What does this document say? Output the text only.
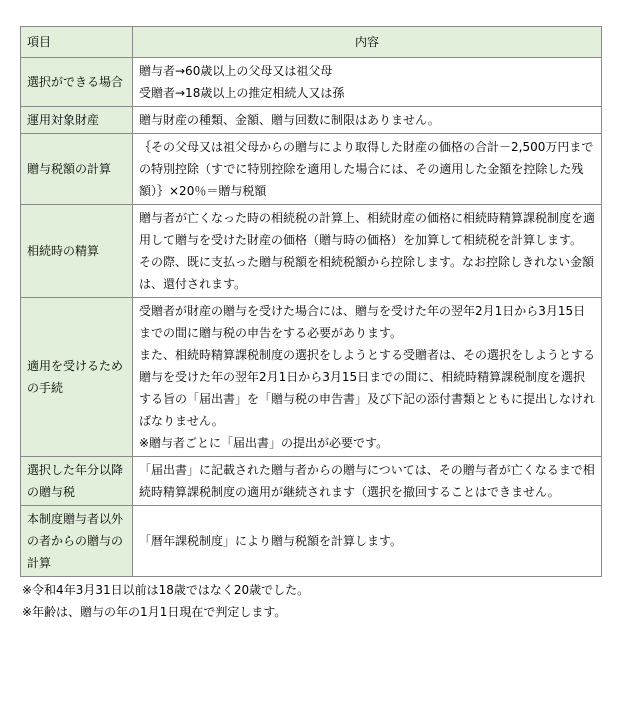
項目	内容
選択ができる場合	贈与者→60歳以上の父母又は祖父母
受贈者→18歳以上の推定相続人又は孫

運用対象財産	贈与財産の種類、金額、贈与回数に制限はありません。

贈与税額の計算	｛その父母又は祖父母からの贈与により取得した財産の価格の合計－2,500万円までの特別控除（すでに特別控除を適用した場合には、その適用した金額を控除した残額）｝×20％＝贈与税額

相続時の精算	贈与者が亡くなった時の相続税の計算上、相続財産の価格に相続時精算課税制度を適用して贈与を受けた財産の価格（贈与時の価格）を加算して相続税を計算します。
その際、既に支払った贈与税額を相続税額から控除します。なお控除しきれない金額は、還付されます。

適用を受けるための手続	受贈者が財産の贈与を受けた場合には、贈与を受けた年の翌年2月1日から3月15日までの間に贈与税の申告をする必要があります。
また、相続時精算課税制度の選択をしようとする受贈者は、その選択をしようとする贈与を受けた年の翌年2月1日から3月15日までの間に、相続時精算課税制度を選択する旨の「届出書」を「贈与税の申告書」及び下記の添付書類とともに提出しなければなりません。
※贈与者ごとに「届出書」の提出が必要です。

選択した年分以降の贈与税	「届出書」に記載された贈与者からの贈与については、その贈与者が亡くなるまで相続時精算課税制度の適用が継続されます（選択を撤回することはできません。

本制度贈与者以外の者からの贈与の計算	「暦年課税制度」により贈与税額を計算します。
※令和4年3月31日以前は18歳ではなく20歳でした。
※年齢は、贈与の年の1月1日現在で判定します。
